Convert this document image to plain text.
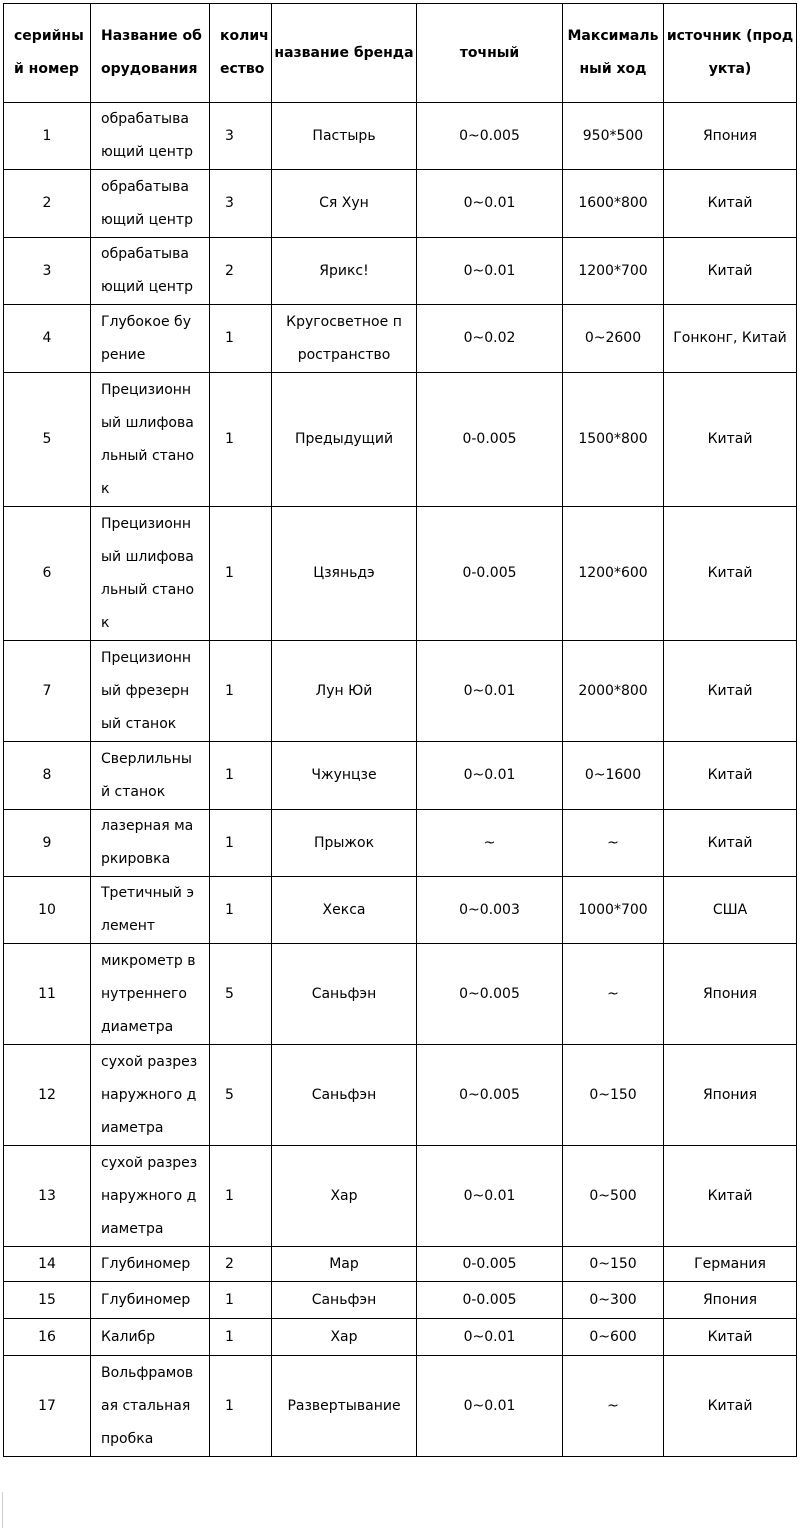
серийный номер	Название оборудования	количество	название бренда	точный	Максимальный ход	источник (продукта)
1	обрабатывающий центр	3	Пастырь	0~0.005	950*500	Япония
2	обрабатывающий центр	3	Ся Хун	0~0.01	1600*800	Китай
3	обрабатывающий центр	2	Ярикс!	0~0.01	1200*700	Китай
4	Глубокое бурение	1	Кругосветное пространство	0~0.02	0~2600	Гонконг, Китай
5	Прецизионный шлифовальный станок	1	Предыдущий	0-0.005	1500*800	Китай
6	Прецизионный шлифовальный станок	1	Цзяньдэ	0-0.005	1200*600	Китай
7	Прецизионный фрезерный станок	1	Лун Юй	0~0.01	2000*800	Китай
8	Сверлильный станок	1	Чжунцзе	0~0.01	0~1600	Китай
9	лазерная маркировка	1	Прыжок	~	~	Китай
10	Третичный элемент	1	Хекса	0~0.003	1000*700	США
11	микрометр внутреннего диаметра	5	Саньфэн	0~0.005	~	Япония
12	сухой разрез наружного диаметра	5	Саньфэн	0~0.005	0~150	Япония
13	сухой разрез наружного диаметра	1	Хар	0~0.01	0~500	Китай
14	Глубиномер	2	Мар	0-0.005	0~150	Германия
15	Глубиномер	1	Саньфэн	0-0.005	0~300	Япония
16	Калибр	1	Хар	0~0.01	0~600	Китай
17	Вольфрамовая стальная пробка	1	Развертывание	0~0.01	~	Китай
